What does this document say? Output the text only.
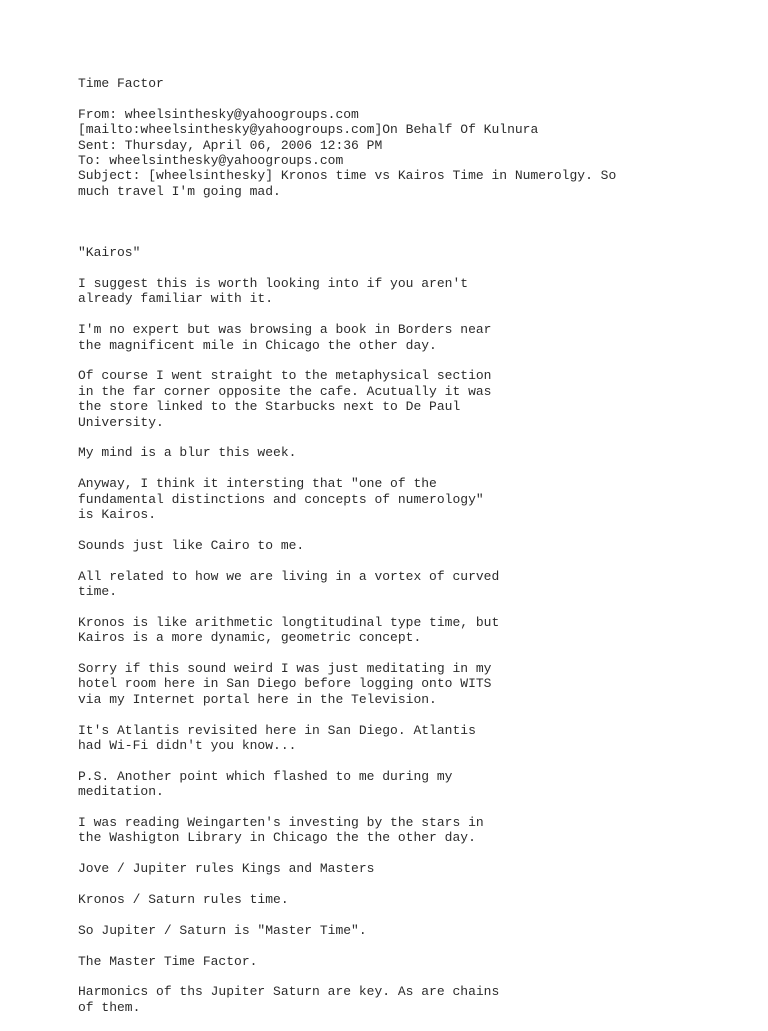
Time Factor
From: wheelsinthesky@yahoogroups.com
[mailto:wheelsinthesky@yahoogroups.com]On Behalf Of Kulnura
Sent: Thursday, April 06, 2006 12:36 PM
To: wheelsinthesky@yahoogroups.com
Subject: [wheelsinthesky] Kronos time vs Kairos Time in Numerolgy. So
much travel I'm going mad.
"Kairos"
I suggest this is worth looking into if you aren't
already familiar with it.
I'm no expert but was browsing a book in Borders near
the magnificent mile in Chicago the other day.
Of course I went straight to the metaphysical section
in the far corner opposite the cafe. Acutually it was
the store linked to the Starbucks next to De Paul
University.
My mind is a blur this week.
Anyway, I think it intersting that "one of the
fundamental distinctions and concepts of numerology"
is Kairos.
Sounds just like Cairo to me.
All related to how we are living in a vortex of curved
time.
Kronos is like arithmetic longtitudinal type time, but
Kairos is a more dynamic, geometric concept.
Sorry if this sound weird I was just meditating in my
hotel room here in San Diego before logging onto WITS
via my Internet portal here in the Television.
It's Atlantis revisited here in San Diego. Atlantis
had Wi-Fi didn't you know...
P.S. Another point which flashed to me during my
meditation.
I was reading Weingarten's investing by the stars in
the Washigton Library in Chicago the the other day.
Jove / Jupiter rules Kings and Masters
Kronos / Saturn rules time.
So Jupiter / Saturn is "Master Time".
The Master Time Factor.
Harmonics of ths Jupiter Saturn are key. As are chains
of them.
